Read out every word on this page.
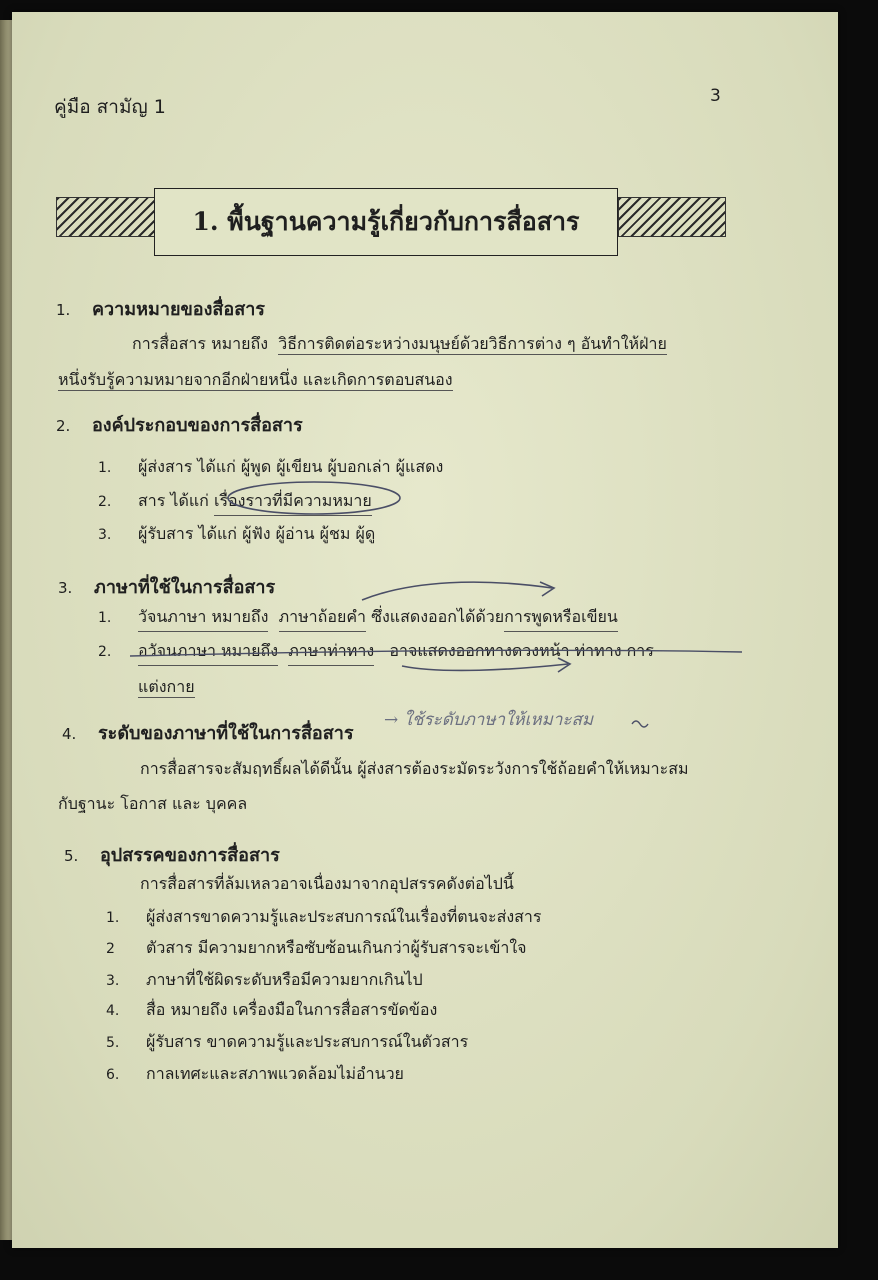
คู่มือ สามัญ 1	3
1. พื้นฐานความรู้เกี่ยวกับการสื่อสาร
1. ความหมายของสื่อสาร
การสื่อสาร หมายถึง วิธีการติดต่อระหว่างมนุษย์ด้วยวิธีการต่าง ๆ อันทำให้ฝ่าย
หนึ่งรับรู้ความหมายจากอีกฝ่ายหนึ่ง และเกิดการตอบสนอง
2. องค์ประกอบของการสื่อสาร
1.	ผู้ส่งสาร ได้แก่ ผู้พูด ผู้เขียน ผู้บอกเล่า ผู้แสดง
2.	สาร ได้แก่
เรื่องราวที่มีความหมาย
3.	ผู้รับสาร ได้แก่ ผู้ฟัง ผู้อ่าน ผู้ชม ผู้ดู
3. ภาษาที่ใช้ในการสื่อสาร
1.	วัจนภาษา หมายถึง
ภาษาถ้อยคำ
ซึ่งแสดงออกได้ด้วย การพูดหรือเขียน
2.	อวัจนภาษา หมายถึง
ภาษาท่าทาง
อาจแสดงออกทางดวงหน้า ท่าทาง การ
แต่งกาย
4. ระดับของภาษาที่ใช้ในการสื่อสาร
→ ใช้ระดับภาษาให้เหมาะสม
การสื่อสารจะสัมฤทธิ์ผลได้ดีนั้น ผู้ส่งสารต้องระมัดระวังการใช้ถ้อยคำให้เหมาะสม
กับฐานะ โอกาส และ บุคคล
5. อุปสรรคของการสื่อสาร
การสื่อสารที่ล้มเหลวอาจเนื่องมาจากอุปสรรคดังต่อไปนี้
1.	ผู้ส่งสารขาดความรู้และประสบการณ์ในเรื่องที่ตนจะส่งสาร
2	ตัวสาร มีความยากหรือซับซ้อนเกินกว่าผู้รับสารจะเข้าใจ
3.	ภาษาที่ใช้ผิดระดับหรือมีความยากเกินไป
4.	สื่อ หมายถึง เครื่องมือในการสื่อสารขัดข้อง
5.	ผู้รับสาร ขาดความรู้และประสบการณ์ในตัวสาร
6.	กาลเทศะและสภาพแวดล้อมไม่อำนวย
